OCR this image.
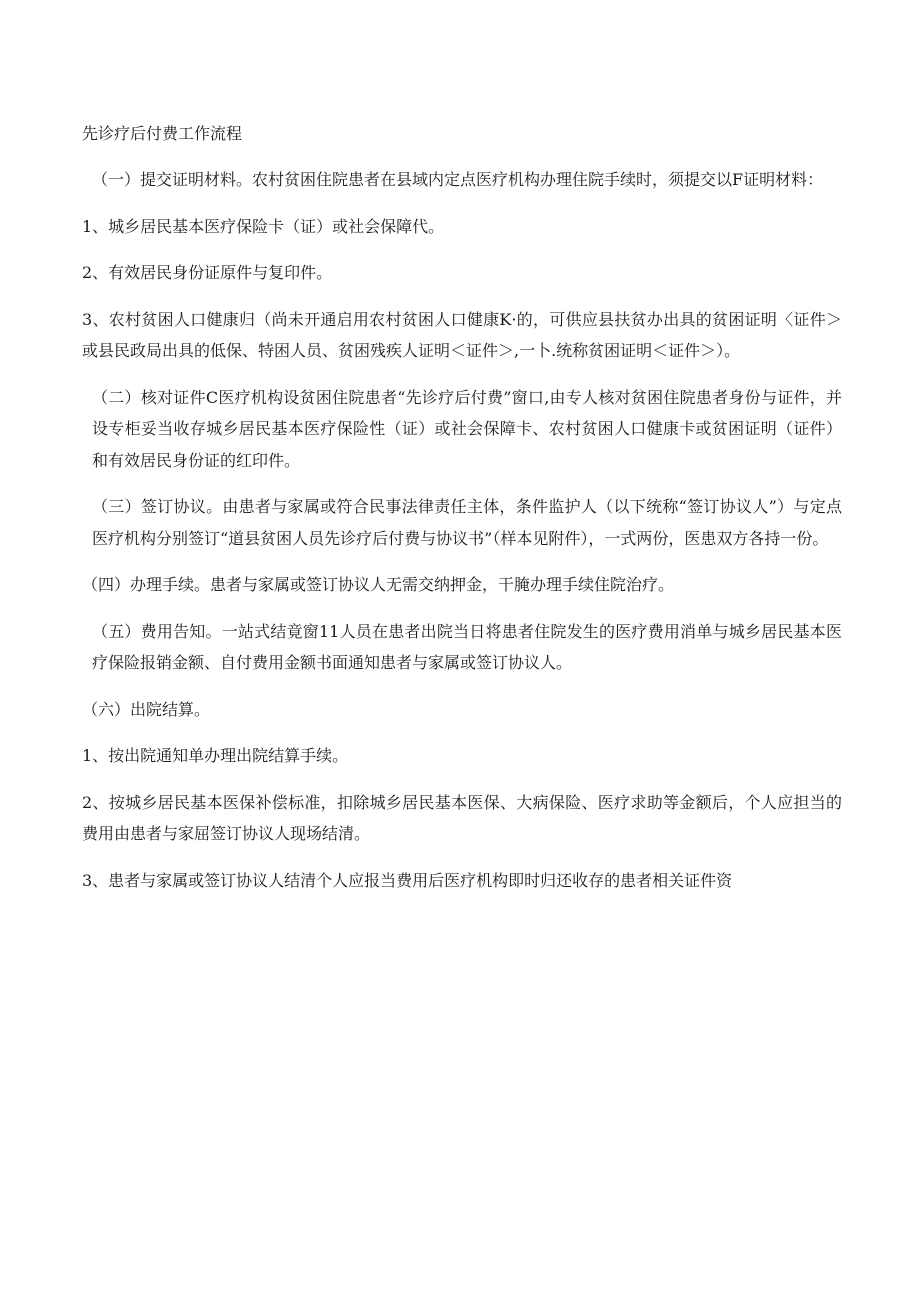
先诊疗后付费工作流程

（一）提交证明材料。农村贫困住院患者在县域内定点医疗机构办理住院手续时，须提交以F证明材料：

1、城乡居民基本医疗保险卡（证）或社会保障代。

2、有效居民身份证原件与复印件。

3、农村贫困人口健康归（尚未开通启用农村贫困人口健康K·的，可供应县扶贫办出具的贫困证明〈证件＞或县民政局出具的低保、特困人员、贫困残疾人证明＜证件＞,一卜.统称贫困证明＜证件＞）。

（二）核对证件C医疗机构设贫困住院患者“先诊疗后付费”窗口,由专人核对贫困住院患者身份与证件，并设专柜妥当收存城乡居民基本医疗保险性（证）或社会保障卡、农村贫困人口健康卡或贫困证明（证件）和有效居民身份证的红印件。

（三）签订协议。由患者与家属或符合民事法律责任主体，条件监护人（以下统称“签订协议人”）与定点医疗机构分别签订“道县贫困人员先诊疗后付费与协议书”（样本见附件），一式两份，医患双方各持一份。

（四）办理手续。患者与家属或签订协议人无需交纳押金，干腌办理手续住院治疗。

（五）费用告知。一站式结竟窗11人员在患者出院当日将患者住院发生的医疗费用消单与城乡居民基本医疗保险报销金额、自付费用金额书面通知患者与家属或签订协议人。

（六）出院结算。

1、按出院通知单办理出院结算手续。

2、按城乡居民基本医保补偿标准，扣除城乡居民基本医保、大病保险、医疗求助等金额后，个人应担当的费用由患者与家屈签订协议人现场结清。

3、患者与家属或签订协议人结清个人应报当费用后医疗机构即时归还收存的患者相关证件资
